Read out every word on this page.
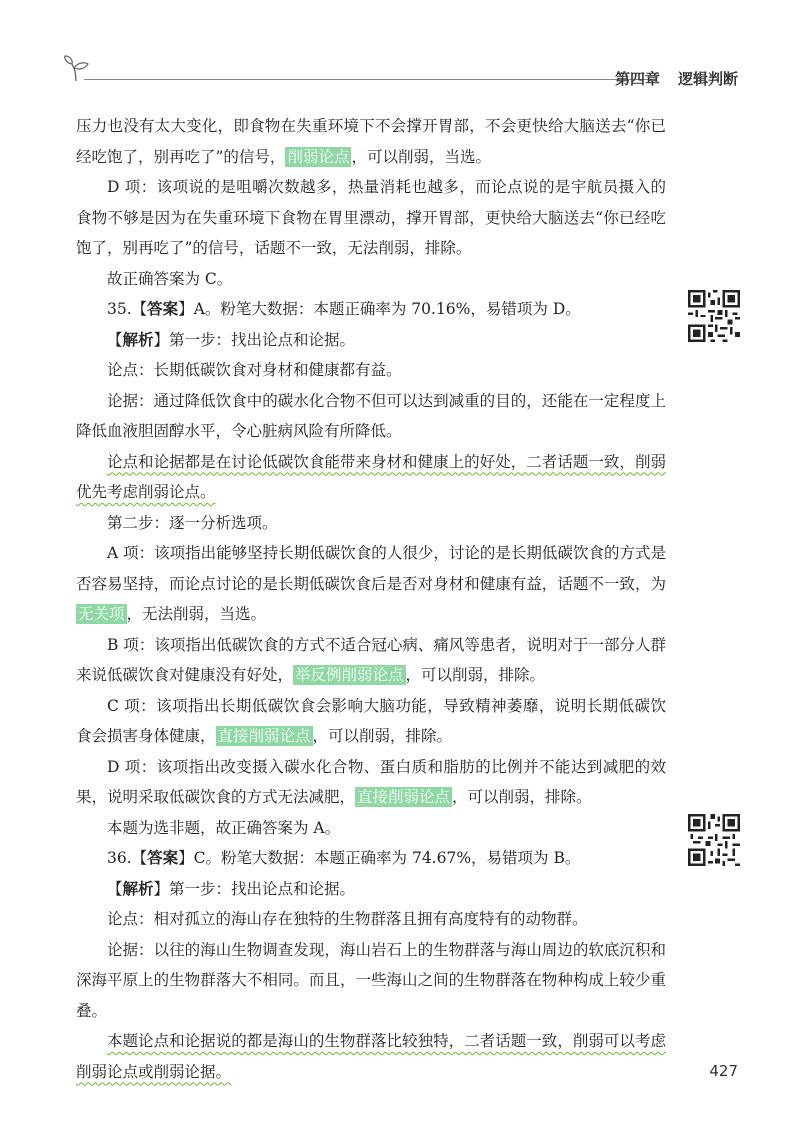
第四章 逻辑判断

压力也没有太大变化，即食物在失重环境下不会撑开胃部，不会更快给大脑送去“你已经吃饱了，别再吃了”的信号， 削弱论点 ，可以削弱，当选。

D 项：该项说的是咀嚼次数越多，热量消耗也越多，而论点说的是宇航员摄入的食物不够是因为在失重环境下食物在胃里漂动，撑开胃部，更快给大脑送去“你已经吃饱了，别再吃了”的信号，话题不一致，无法削弱，排除。

故正确答案为 C。

35.【答案】A。粉笔大数据：本题正确率为 70.16%，易错项为 D。

【解析】第一步：找出论点和论据。

论点：长期低碳饮食对身材和健康都有益。

论据：通过降低饮食中的碳水化合物不但可以达到减重的目的，还能在一定程度上降低血液胆固醇水平，令心脏病风险有所降低。

论点和论据都是在讨论低碳饮食能带来身材和健康上的好处，二者话题一致，削弱优先考虑削弱论点。

第二步：逐一分析选项。

A 项：该项指出能够坚持长期低碳饮食的人很少，讨论的是长期低碳饮食的方式是否容易坚持，而论点讨论的是长期低碳饮食后是否对身材和健康有益，话题不一致，为无关项 ，无法削弱，当选。

B 项：该项指出低碳饮食的方式不适合冠心病、痛风等患者，说明对于一部分人群来说低碳饮食对健康没有好处， 举反例削弱论点 ，可以削弱，排除。

C 项：该项指出长期低碳饮食会影响大脑功能，导致精神萎靡，说明长期低碳饮食会损害身体健康， 直接削弱论点 ，可以削弱，排除。

D 项：该项指出改变摄入碳水化合物、蛋白质和脂肪的比例并不能达到减肥的效果，说明采取低碳饮食的方式无法减肥， 直接削弱论点 ，可以削弱，排除。

本题为选非题，故正确答案为 A。

36.【答案】C。粉笔大数据：本题正确率为 74.67%，易错项为 B。

【解析】第一步：找出论点和论据。

论点：相对孤立的海山存在独特的生物群落且拥有高度特有的动物群。

论据：以往的海山生物调查发现，海山岩石上的生物群落与海山周边的软底沉积和深海平原上的生物群落大不相同。而且，一些海山之间的生物群落在物种构成上较少重叠。

本题论点和论据说的都是海山的生物群落比较独特，二者话题一致，削弱可以考虑削弱论点或削弱论据。	427
